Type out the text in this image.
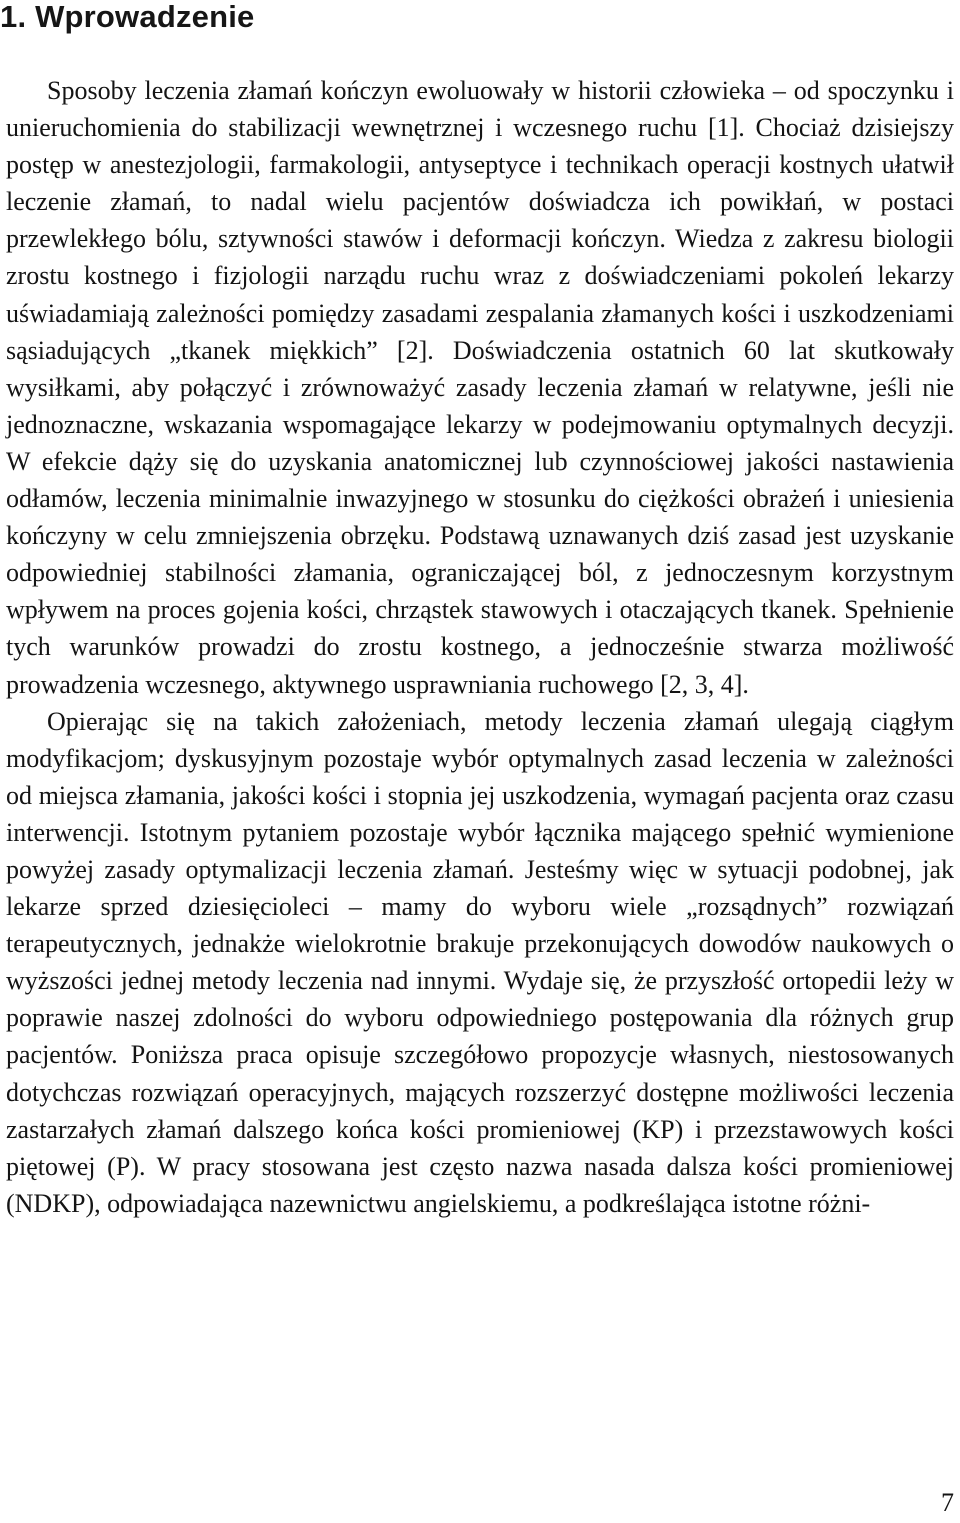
1. Wprowadzenie

Sposoby leczenia złamań kończyn ewoluowały w historii człowieka – od spoczynku i unieruchomienia do stabilizacji wewnętrznej i wczesnego ruchu [1]. Chociaż dzisiejszy postęp w anestezjologii, farmakologii, antyseptyce i technikach operacji kostnych ułatwił leczenie złamań, to nadal wielu pacjentów doświadcza ich powikłań, w postaci przewlekłego bólu, sztywności stawów i deformacji kończyn. Wiedza z zakresu biologii zrostu kostnego i fizjologii narządu ruchu wraz z doświadczeniami pokoleń lekarzy uświadamiają zależności pomiędzy zasadami zespalania złamanych kości i uszkodzeniami sąsiadujących „tkanek miękkich” [2]. Doświadczenia ostatnich 60 lat skutkowały wysiłkami, aby połączyć i zrównoważyć zasady leczenia złamań w relatywne, jeśli nie jednoznaczne, wskazania wspomagające lekarzy w podejmowaniu optymalnych decyzji. W efekcie dąży się do uzyskania anatomicznej lub czynnościowej jakości nastawienia odłamów, leczenia minimalnie inwazyjnego w stosunku do ciężkości obrażeń i uniesienia kończyny w celu zmniejszenia obrzęku. Podstawą uznawanych dziś zasad jest uzyskanie odpowiedniej stabilności złamania, ograniczającej ból, z jednoczesnym korzystnym wpływem na proces gojenia kości, chrząstek stawowych i otaczających tkanek. Spełnienie tych warunków prowadzi do zrostu kostnego, a jednocześnie stwarza możliwość prowadzenia wczesnego, aktywnego usprawniania ruchowego [2, 3, 4].

Opierając się na takich założeniach, metody leczenia złamań ulegają ciągłym modyfikacjom; dyskusyjnym pozostaje wybór optymalnych zasad leczenia w zależności od miejsca złamania, jakości kości i stopnia jej uszkodzenia, wymagań pacjenta oraz czasu interwencji. Istotnym pytaniem pozostaje wybór łącznika mającego spełnić wymienione powyżej zasady optymalizacji leczenia złamań. Jesteśmy więc w sytuacji podobnej, jak lekarze sprzed dziesięcioleci – mamy do wyboru wiele „rozsądnych” rozwiązań terapeutycznych, jednakże wielokrotnie brakuje przekonujących dowodów naukowych o wyższości jednej metody leczenia nad innymi. Wydaje się, że przyszłość ortopedii leży w poprawie naszej zdolności do wyboru odpowiedniego postępowania dla różnych grup pacjentów. Poniższa praca opisuje szczegółowo propozycje własnych, niestosowanych dotychczas rozwiązań operacyjnych, mających rozszerzyć dostępne możliwości leczenia zastarzałych złamań dalszego końca kości promieniowej (KP) i przezstawowych kości piętowej (P). W pracy stosowana jest często nazwa nasada dalsza kości promieniowej (NDKP), odpowiadająca nazewnictwu angielskiemu, a podkreślająca istotne różni-

7
